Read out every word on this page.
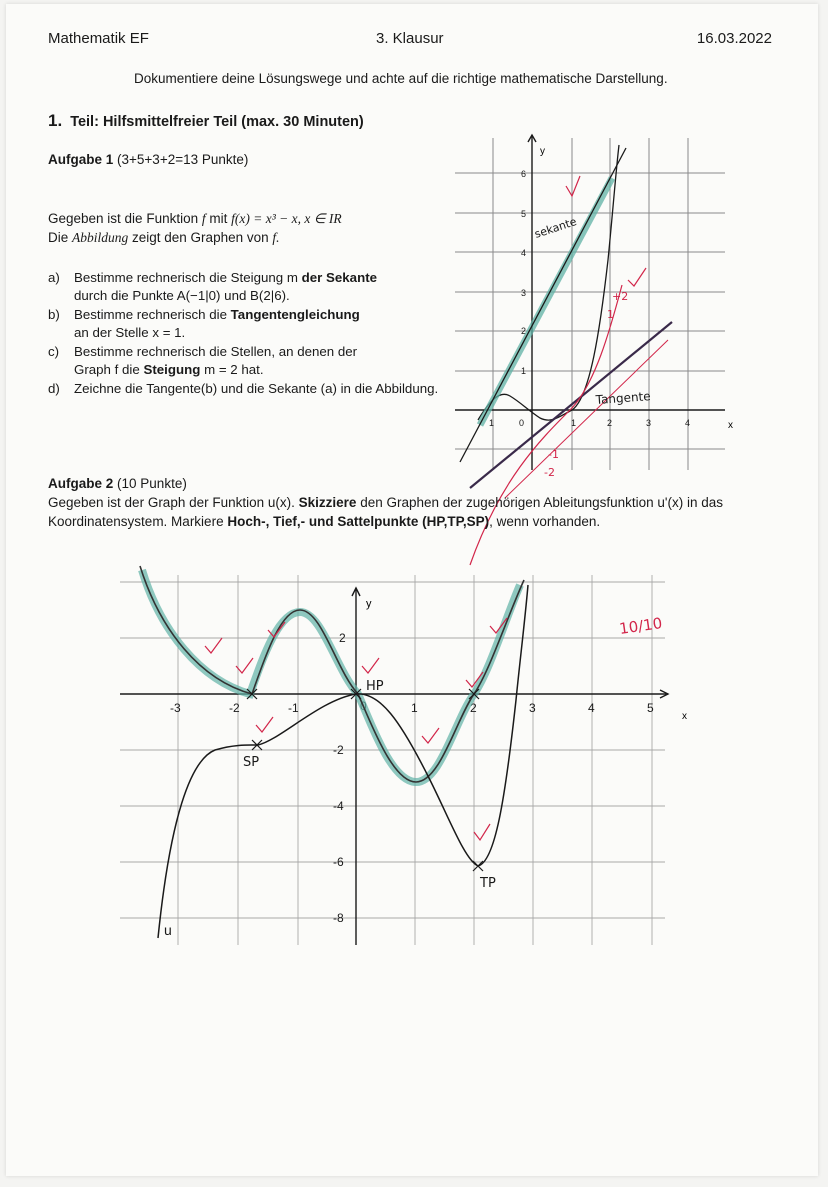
Mathematik EF	3. Klausur	16.03.2022
Dokumentiere deine Lösungswege und achte auf die richtige mathematische Darstellung.
1. Teil: Hilfsmittelfreier Teil (max. 30 Minuten)
Aufgabe 1 (3+5+3+2=13 Punkte)
Gegeben ist die Funktion f mit f(x) = x³ − x, x ∈ IR
Die Abbildung zeigt den Graphen von f.
a)	Bestimme rechnerisch die Steigung m der Sekante
durch die Punkte A(−1|0) und B(2|6).
b)	Bestimme rechnerisch die Tangentengleichung
an der Stelle x = 1.
c)	Bestimme rechnerisch die Stellen, an denen der
Graph f die Steigung m = 2 hat.
d)	Zeichne die Tangente(b) und die Sekante (a) in die Abbildung.
y
x
1	0	1	2	3	4
1
2
3
4
5
6
sekante
Tangente
-1
-2
1
+2
Aufgabe 2 (10 Punkte)
Gegeben ist der Graph der Funktion u(x). Skizziere den Graphen der zugehörigen Ableitungsfunktion u'(x) in das Koordinatensystem. Markiere Hoch-, Tief,- und Sattelpunkte (HP,TP,SP), wenn vorhanden.
y
x
-3	-2	-1	1	2	3	4	5
2
-2
-4
-6
-8
0
u
HP
SP
TP
10/10
